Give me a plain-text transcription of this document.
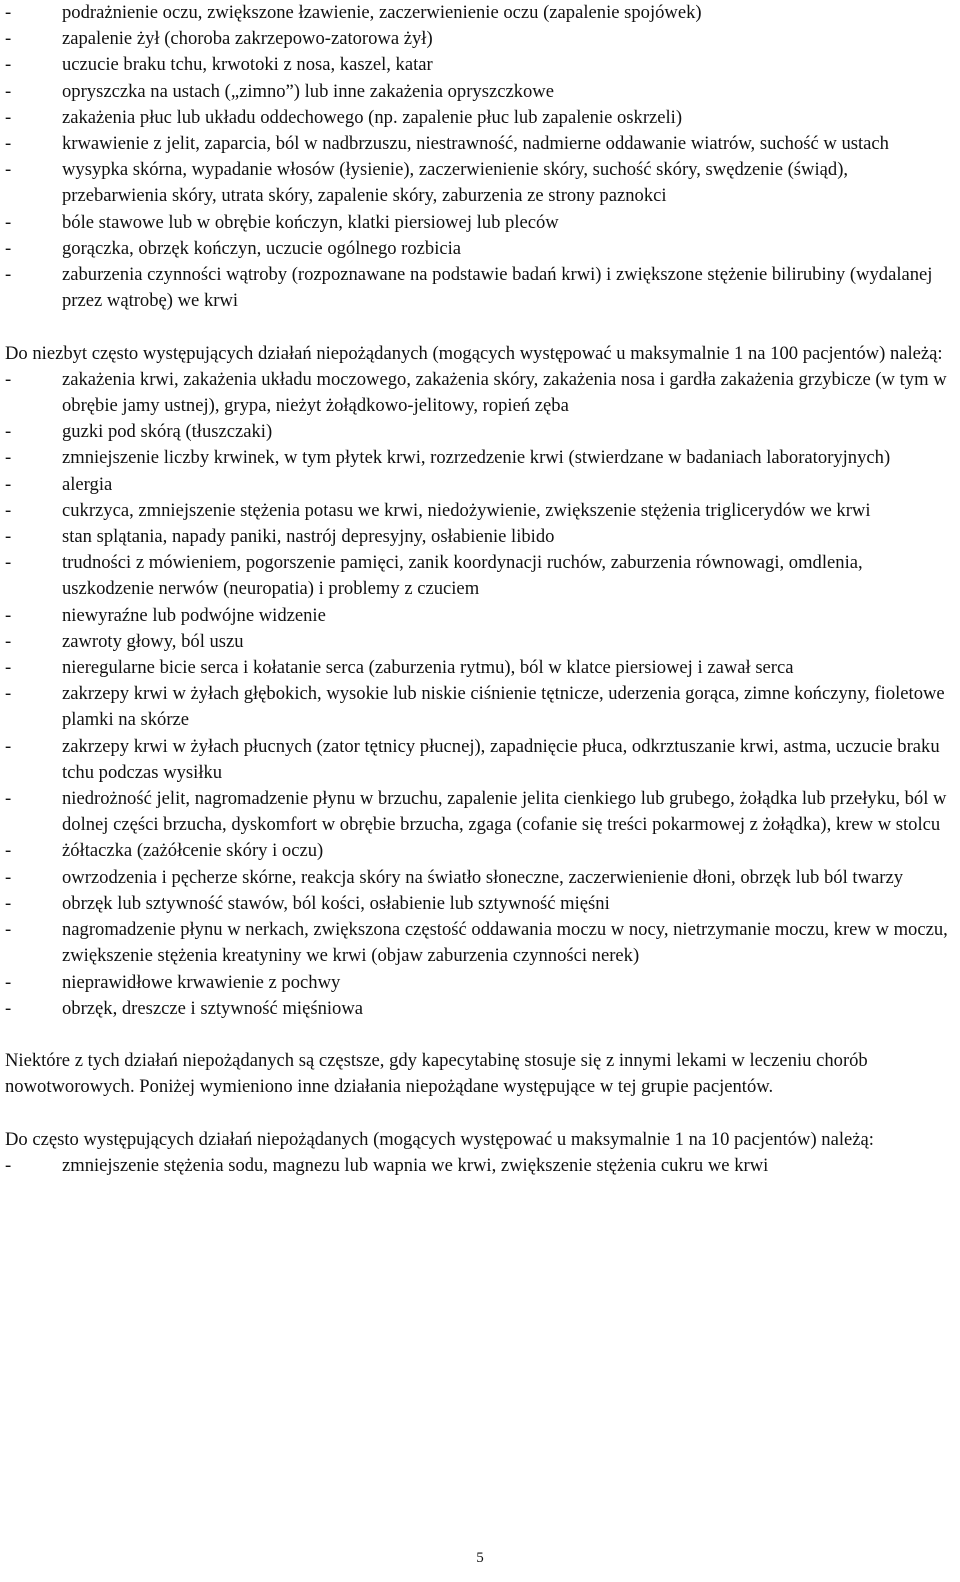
-	podrażnienie oczu, zwiększone łzawienie, zaczerwienienie oczu (zapalenie spojówek)
-	zapalenie żył (choroba zakrzepowo-zatorowa żył)
-	uczucie braku tchu, krwotoki z nosa, kaszel, katar
-	opryszczka na ustach („zimno”) lub inne zakażenia opryszczkowe
-	zakażenia płuc lub układu oddechowego (np. zapalenie płuc lub zapalenie oskrzeli)
-	krwawienie z jelit, zaparcia, ból w nadbrzuszu, niestrawność, nadmierne oddawanie wiatrów, suchość w ustach
-	wysypka skórna, wypadanie włosów (łysienie), zaczerwienienie skóry, suchość skóry, swędzenie (świąd), przebarwienia skóry, utrata skóry, zapalenie skóry, zaburzenia ze strony paznokci
-	bóle stawowe lub w obrębie kończyn, klatki piersiowej lub pleców
-	gorączka, obrzęk kończyn, uczucie ogólnego rozbicia
-	zaburzenia czynności wątroby (rozpoznawane na podstawie badań krwi) i zwiększone stężenie bilirubiny (wydalanej przez wątrobę) we krwi

Do niezbyt często występujących działań niepożądanych (mogących występować u maksymalnie 1 na 100 pacjentów) należą:

-	zakażenia krwi, zakażenia układu moczowego, zakażenia skóry, zakażenia nosa i gardła zakażenia grzybicze (w tym w obrębie jamy ustnej), grypa, nieżyt żołądkowo-jelitowy, ropień zęba
-	guzki pod skórą (tłuszczaki)
-	zmniejszenie liczby krwinek, w tym płytek krwi, rozrzedzenie krwi (stwierdzane w badaniach laboratoryjnych)
-	alergia
-	cukrzyca, zmniejszenie stężenia potasu we krwi, niedożywienie, zwiększenie stężenia triglicerydów we krwi
-	stan splątania, napady paniki, nastrój depresyjny, osłabienie libido
-	trudności z mówieniem, pogorszenie pamięci, zanik koordynacji ruchów, zaburzenia równowagi, omdlenia, uszkodzenie nerwów (neuropatia) i problemy z czuciem
-	niewyraźne lub podwójne widzenie
-	zawroty głowy, ból uszu
-	nieregularne bicie serca i kołatanie serca (zaburzenia rytmu), ból w klatce piersiowej i zawał serca
-	zakrzepy krwi w żyłach głębokich, wysokie lub niskie ciśnienie tętnicze, uderzenia gorąca, zimne kończyny, fioletowe plamki na skórze
-	zakrzepy krwi w żyłach płucnych (zator tętnicy płucnej), zapadnięcie płuca, odkrztuszanie krwi, astma, uczucie braku tchu podczas wysiłku
-	niedrożność jelit, nagromadzenie płynu w brzuchu, zapalenie jelita cienkiego lub grubego, żołądka lub przełyku, ból w dolnej części brzucha, dyskomfort w obrębie brzucha, zgaga (cofanie się treści pokarmowej z żołądka), krew w stolcu
-	żółtaczka (zażółcenie skóry i oczu)
-	owrzodzenia i pęcherze skórne, reakcja skóry na światło słoneczne, zaczerwienienie dłoni, obrzęk lub ból twarzy
-	obrzęk lub sztywność stawów, ból kości, osłabienie lub sztywność mięśni
-	nagromadzenie płynu w nerkach, zwiększona częstość oddawania moczu w nocy, nietrzymanie moczu, krew w moczu, zwiększenie stężenia kreatyniny we krwi (objaw zaburzenia czynności nerek)
-	nieprawidłowe krwawienie z pochwy
-	obrzęk, dreszcze i sztywność mięśniowa

Niektóre z tych działań niepożądanych są częstsze, gdy kapecytabinę stosuje się z innymi lekami w leczeniu chorób nowotworowych. Poniżej wymieniono inne działania niepożądane występujące w tej grupie pacjentów.

Do często występujących działań niepożądanych (mogących występować u maksymalnie 1 na 10 pacjentów) należą:

-	zmniejszenie stężenia sodu, magnezu lub wapnia we krwi, zwiększenie stężenia cukru we krwi
5
